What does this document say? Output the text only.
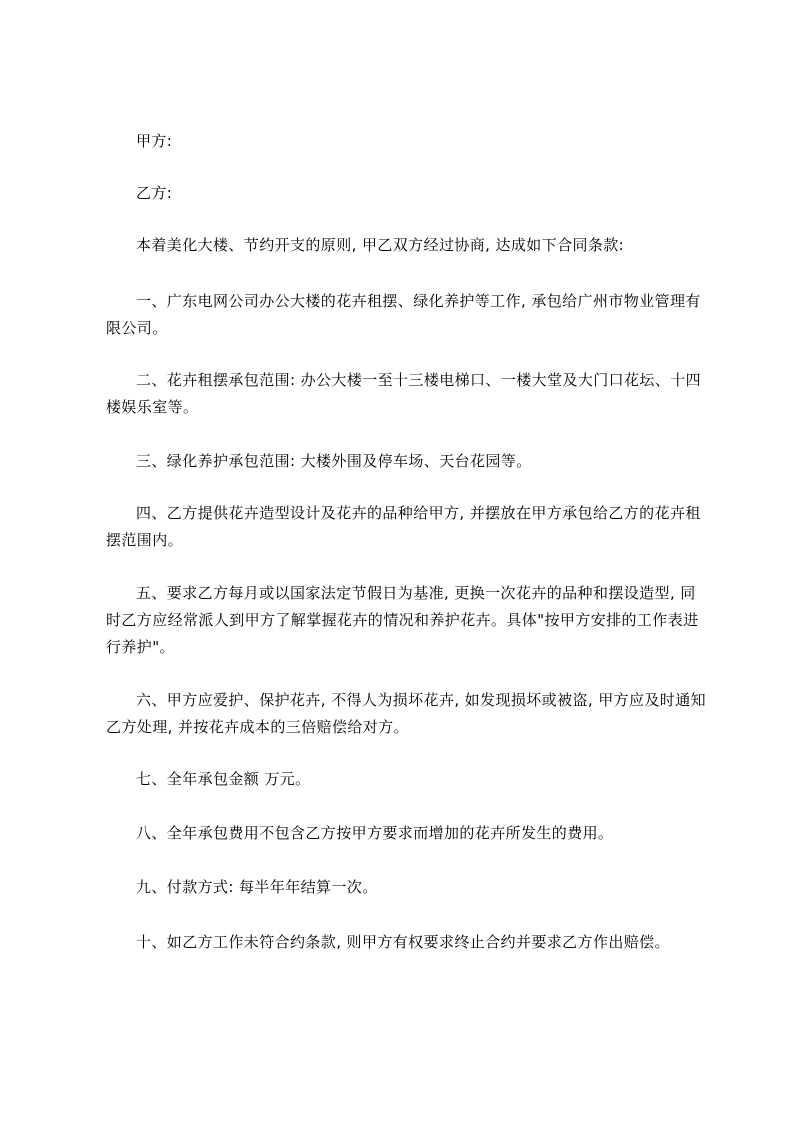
甲方:

乙方:

本着美化大楼、节约开支的原则, 甲乙双方经过协商, 达成如下合同条款:

一、广东电网公司办公大楼的花卉租摆、绿化养护等工作, 承包给广州市物业管理有限公司。

二、花卉租摆承包范围: 办公大楼一至十三楼电梯口、一楼大堂及大门口花坛、十四楼娱乐室等。

三、绿化养护承包范围: 大楼外围及停车场、天台花园等。

四、乙方提供花卉造型设计及花卉的品种给甲方, 并摆放在甲方承包给乙方的花卉租摆范围内。

五、要求乙方每月或以国家法定节假日为基准, 更换一次花卉的品种和摆设造型, 同时乙方应经常派人到甲方了解掌握花卉的情况和养护花卉。具体"按甲方安排的工作表进行养护"。

六、甲方应爱护、保护花卉, 不得人为损坏花卉, 如发现损坏或被盗, 甲方应及时通知乙方处理, 并按花卉成本的三倍赔偿给对方。

七、全年承包金额 万元。

八、全年承包费用不包含乙方按甲方要求而增加的花卉所发生的费用。

九、付款方式: 每半年年结算一次。

十、如乙方工作未符合约条款, 则甲方有权要求终止合约并要求乙方作出赔偿。
